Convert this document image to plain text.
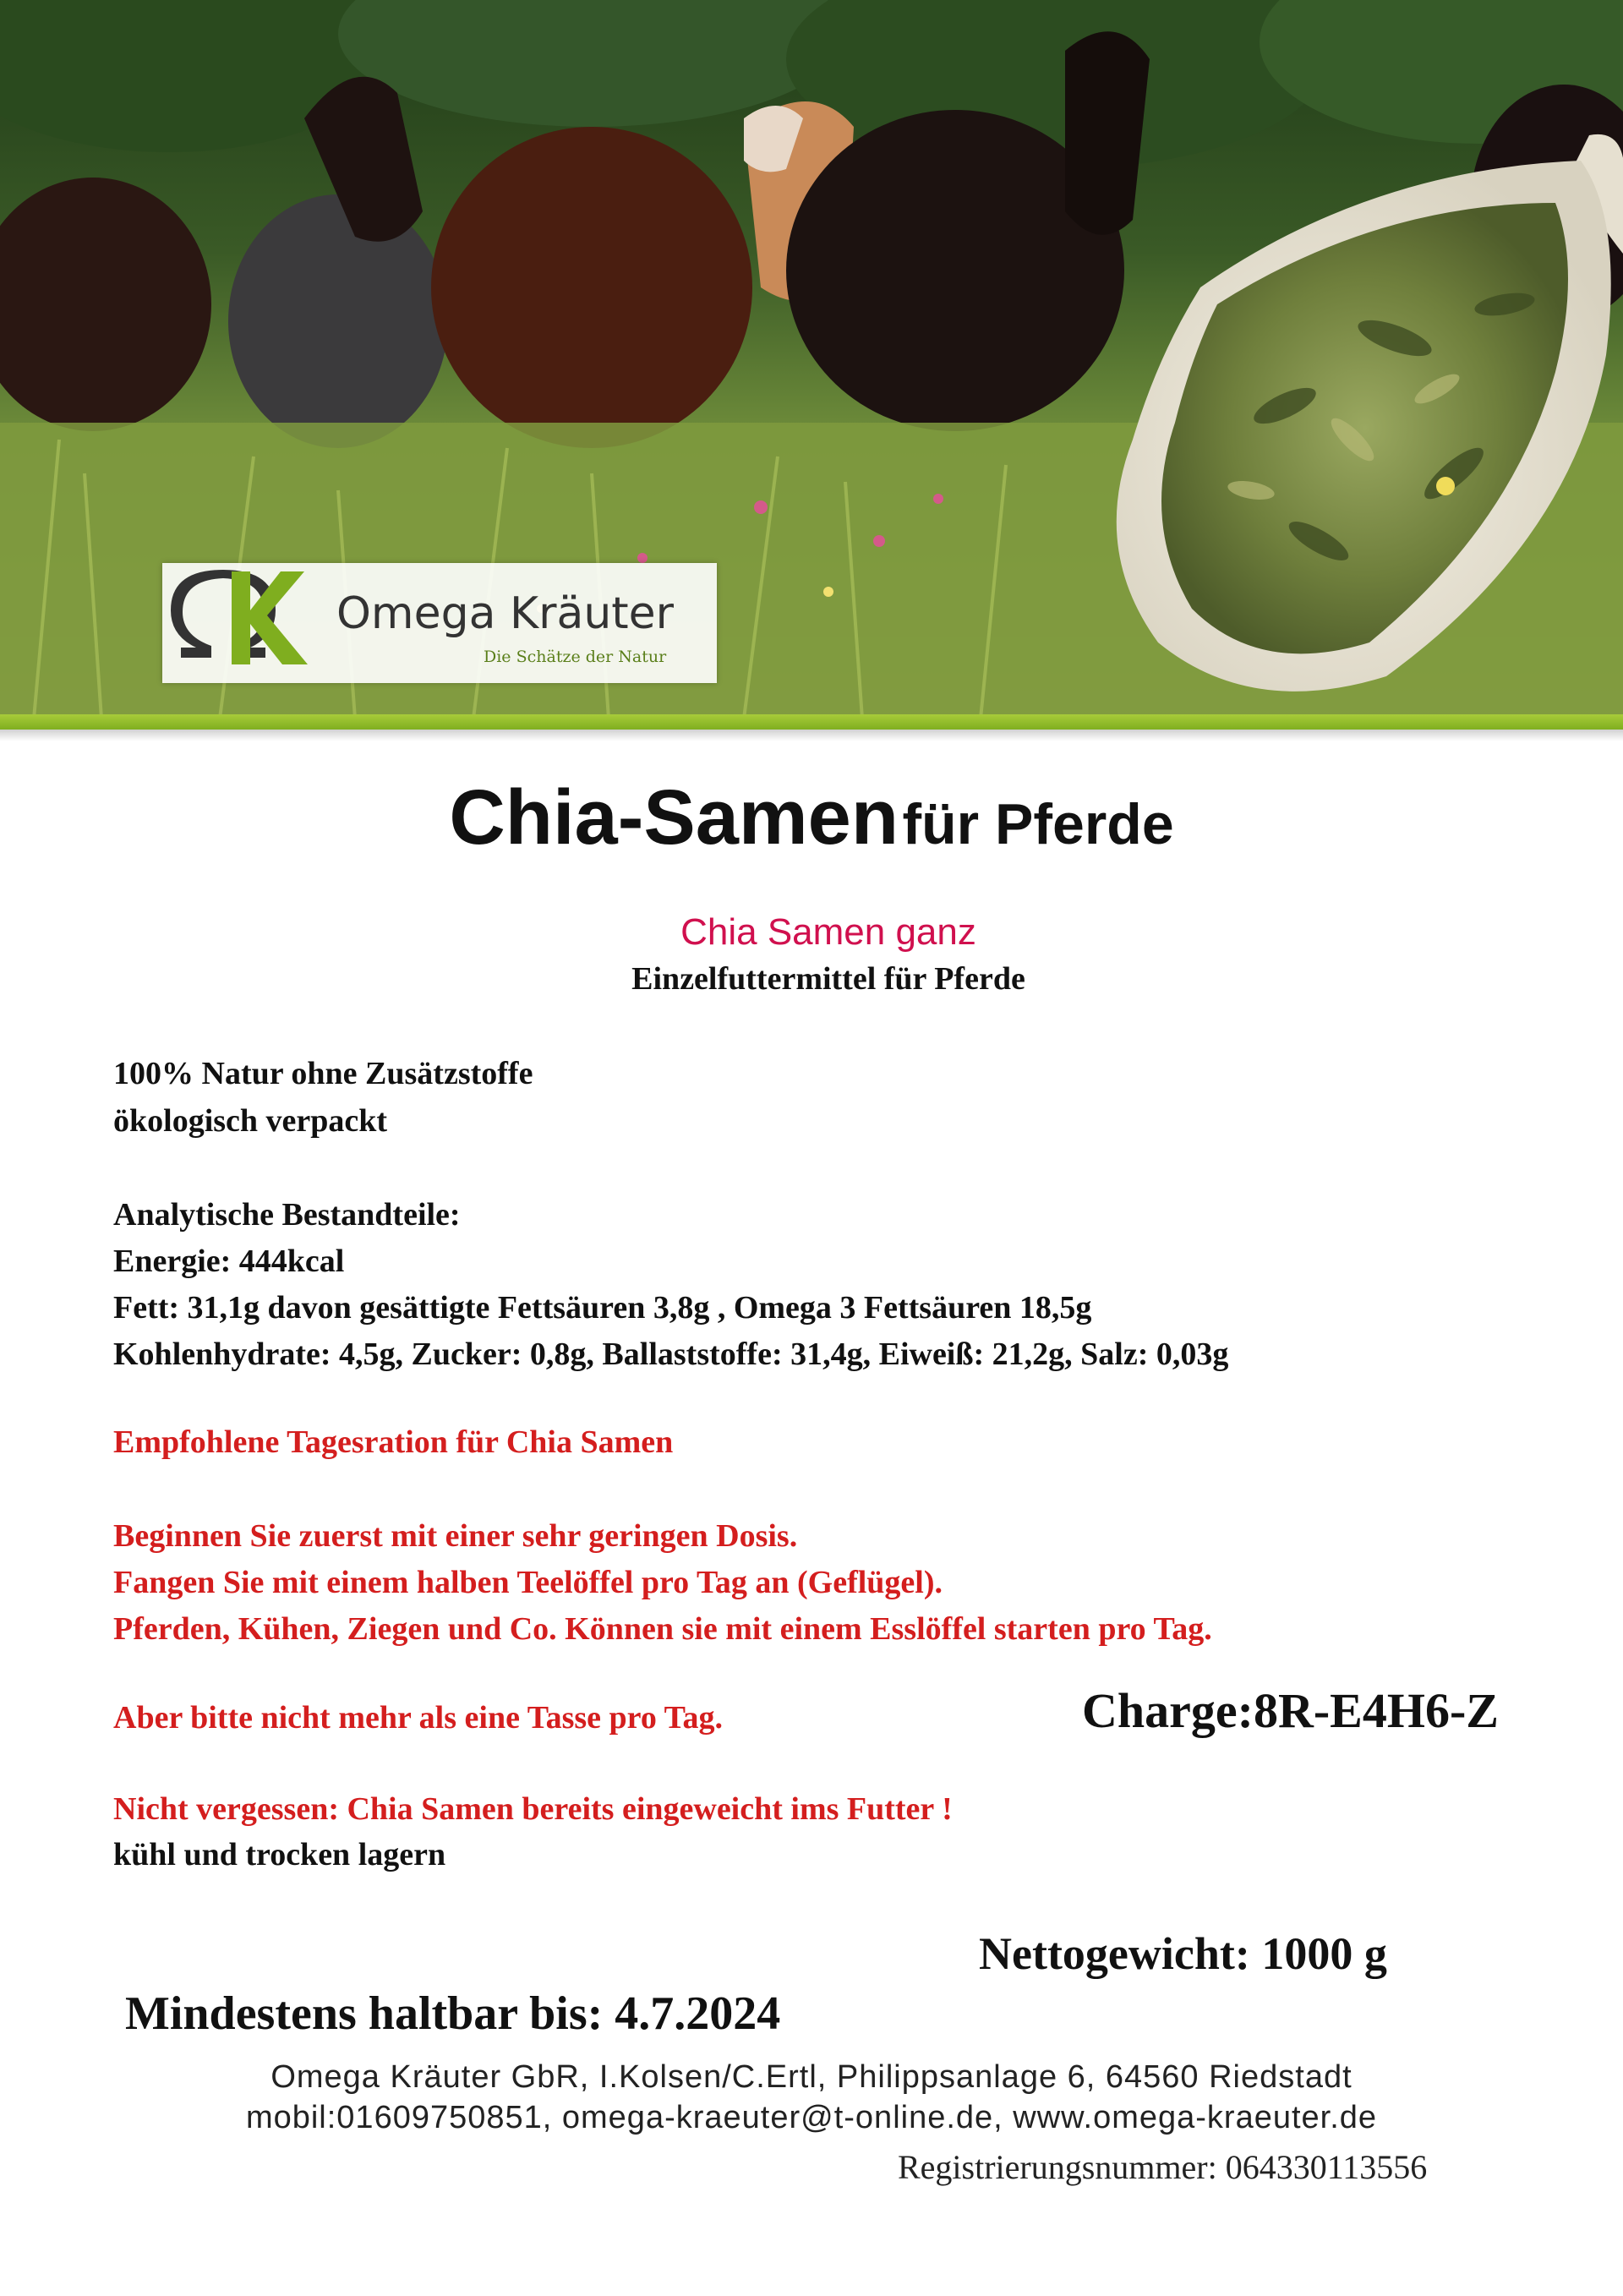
Omega Kräuter
Die Schätze der Natur
Chia-Samen für Pferde
Chia Samen ganz
Einzelfuttermittel für Pferde
100% Natur ohne Zusätzstoffe
ökologisch verpackt
Analytische Bestandteile:
Energie: 444kcal
Fett: 31,1g davon gesättigte Fettsäuren 3,8g , Omega 3 Fettsäuren 18,5g
Kohlenhydrate: 4,5g, Zucker: 0,8g, Ballaststoffe: 31,4g, Eiweiß: 21,2g, Salz: 0,03g
Empfohlene Tagesration für Chia Samen
Beginnen Sie zuerst mit einer sehr geringen Dosis.
Fangen Sie mit einem halben Teelöffel pro Tag an (Geflügel).
Pferden, Kühen, Ziegen und Co. Können sie mit einem Esslöffel starten pro Tag.
Aber bitte nicht mehr als eine Tasse pro Tag.	Charge:8R-E4H6-Z
Nicht vergessen: Chia Samen bereits eingeweicht ims Futter !
kühl und trocken lagern
Nettogewicht: 1000 g
Mindestens haltbar bis: 4.7.2024
Omega Kräuter GbR, I.Kolsen/C.Ertl, Philippsanlage 6, 64560 Riedstadt
mobil:01609750851, omega-kraeuter@t-online.de, www.omega-kraeuter.de
Registrierungsnummer: 064330113556
